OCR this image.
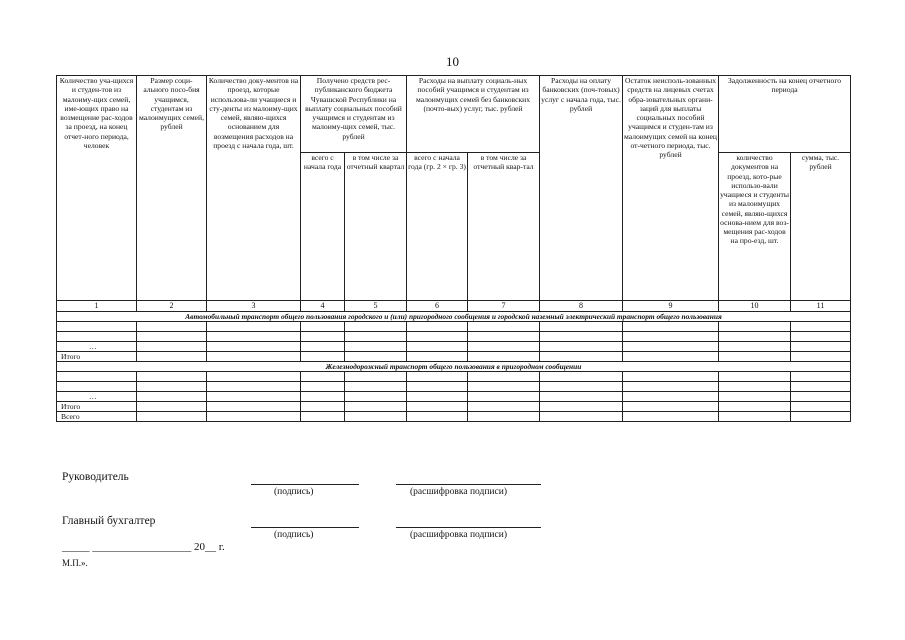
10
Количество уча-щихся и студен-тов из малоиму-щих семей, име-ющих право на возмещение рас-ходов за проезд, на конец отчет-ного периода, человек	Размер соци-ального посо-бия учащимся, студентам из малоимущих семей, рублей	Количество доку-ментов на проезд, которые использова-ли учащиеся и сту-денты из малоиму-щих семей, являю-щихся основанием для возмещения расходов на проезд с начала года, шт.	Получено средств рес-публиканского бюджета Чувашской Республики на выплату социальных пособий учащимся и студентам из малоиму-щих семей, тыс. рублей		Расходы на выплату социаль-ных пособий учащимся и студентам из малоимущих семей без банковских (почто-вых) услуг, тыс. рублей		Расходы на оплату банковских (поч-товых) услуг с начала года, тыс. рублей	Остаток неисполь-зованных средств на лицевых счетах обра-зовательных органи-заций для выплаты социальных пособий учащимся и студен-там из малоимущих семей на конец от-четного периода, тыс. рублей	Задолженность на конец отчетного периода	
			всего с начала года	в том числе за отчетный квартал	всего с начала года (гр. 2 × гр. 3)	в том числе за отчетный квар-тал			количество документов на проезд, кото-рые использо-вали учащиеся и студенты из малоимущих семей, являю-щихся основа-нием для воз-мещения рас-ходов на про-езд, шт.	сумма, тыс. рублей
1	2	3	4	5	6	7	8	9	10	11
Автомобильный транспорт общего пользования городского и (или) пригородного сообщения и городской наземный электрический транспорт общего пользования										

…										
Итого										
Железнодорожный транспорт общего пользования в пригородном сообщении										

…										
Итого										
Всего										
Руководитель
(подпись)	(расшифровка подписи)
Главный бухгалтер
(подпись)	(расшифровка подписи)
_____ __________________ 20__ г.
М.П.».
